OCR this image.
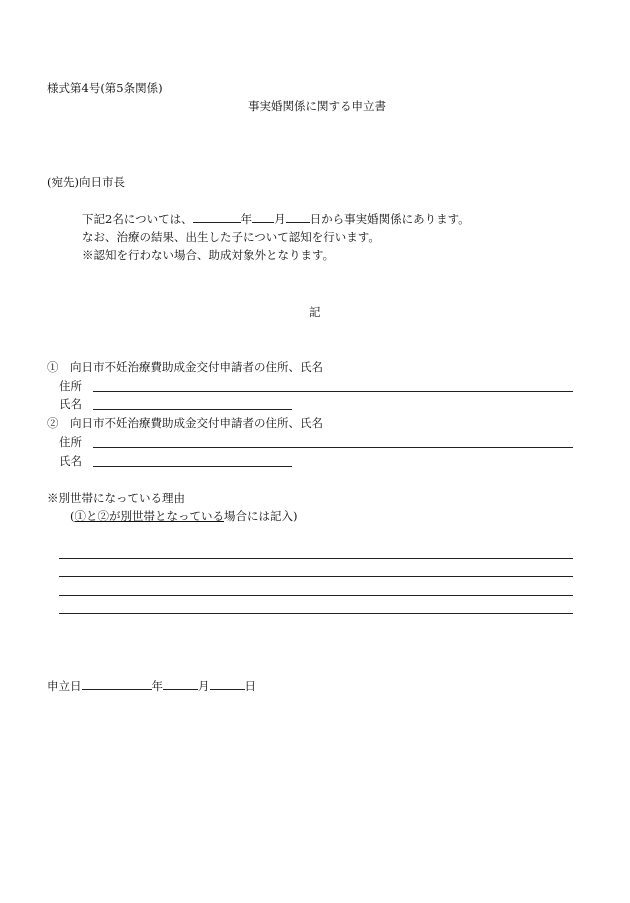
様式第4号(第5条関係)
事実婚関係に関する申立書
(宛先)向日市長
下記2名については、	年 月 日から事実婚関係にあります。
なお、治療の結果、出生した子について認知を行います。
※認知を行わない場合、助成対象外となります。
記
①　向日市不妊治療費助成金交付申請者の住所、氏名
住所
氏名
②　向日市不妊治療費助成金交付申請者の住所、氏名
住所
氏名
※別世帯になっている理由
(①と②が別世帯となっている場合には記入)
申立日	年	月	日
